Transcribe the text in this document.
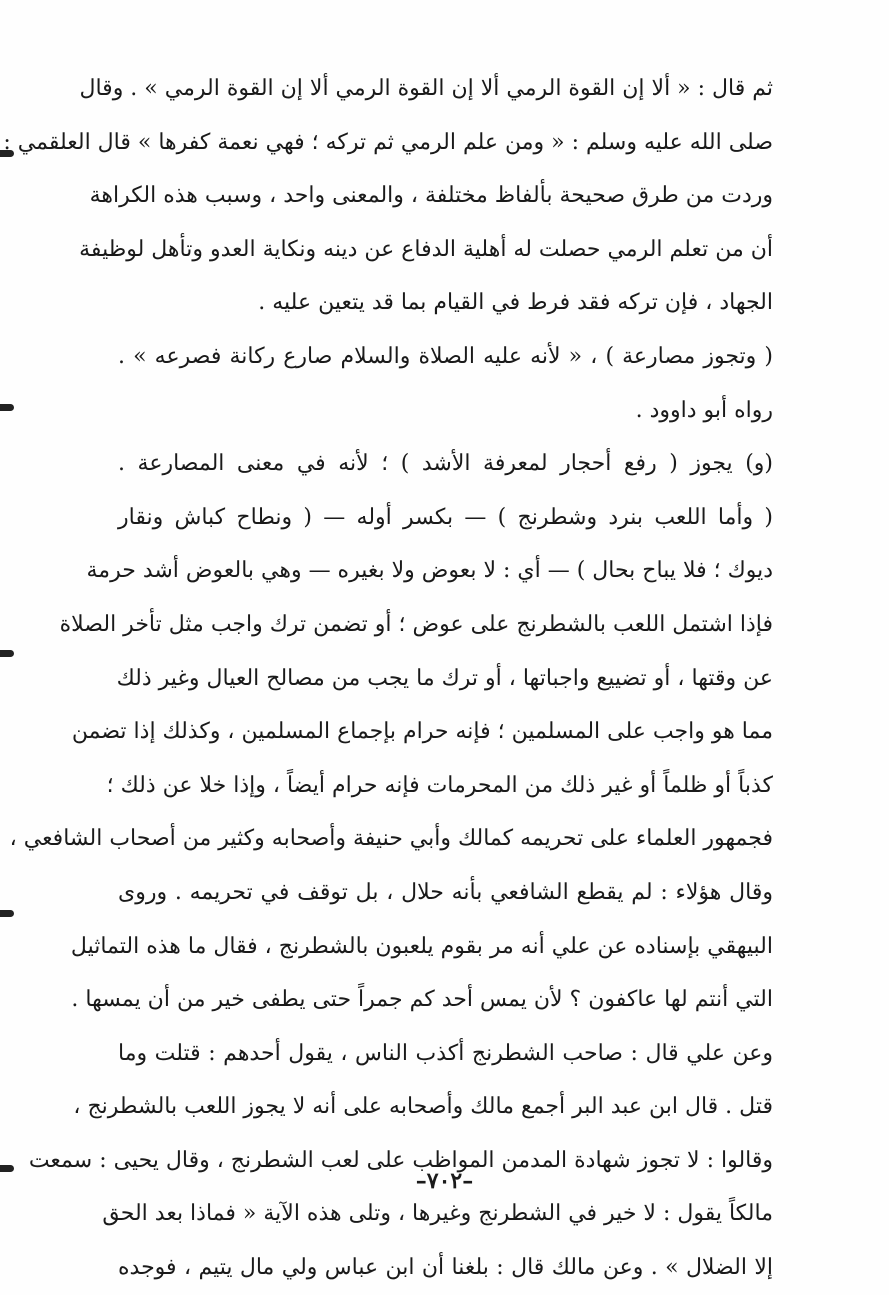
ثم قال : « ألا إن القوة الرمي ألا إن القوة الرمي ألا إن القوة الرمي » . وقال
صلى الله عليه وسلم : « ومن علم الرمي ثم تركه ؛ فهي نعمة كفرها » قال العلقمي :
وردت من طرق صحيحة بألفاظ مختلفة ، والمعنى واحد ، وسبب هذه الكراهة
أن من تعلم الرمي حصلت له أهلية الدفاع عن دينه ونكاية العدو وتأهل لوظيفة
الجهاد ، فإن تركه فقد فرط في القيام بما قد يتعين عليه .
( وتجوز مصارعة ) ، « لأنه عليه الصلاة والسلام صارع ركانة فصرعه » .
رواه أبو داوود .
(و) يجوز ( رفع أحجار لمعرفة الأشد ) ؛ لأنه في معنى المصارعة .
( وأما اللعب بنرد وشطرنج ) — بكسر أوله — ( ونطاح كباش ونقار
ديوك ؛ فلا يباح بحال ) — أي : لا بعوض ولا بغيره — وهي بالعوض أشد حرمة
فإذا اشتمل اللعب بالشطرنج على عوض ؛ أو تضمن ترك واجب مثل تأخر الصلاة
عن وقتها ، أو تضييع واجباتها ، أو ترك ما يجب من مصالح العيال وغير ذلك
مما هو واجب على المسلمين ؛ فإنه حرام بإجماع المسلمين ، وكذلك إذا تضمن
كذباً أو ظلماً أو غير ذلك من المحرمات فإنه حرام أيضاً ، وإذا خلا عن ذلك ؛
فجمهور العلماء على تحريمه كمالك وأبي حنيفة وأصحابه وكثير من أصحاب الشافعي ،
وقال هؤلاء : لم يقطع الشافعي بأنه حلال ، بل توقف في تحريمه . وروى
البيهقي بإسناده عن علي أنه مر بقوم يلعبون بالشطرنج ، فقال ما هذه التماثيل
التي أنتم لها عاكفون ؟ لأن يمس أحد كم جمراً حتى يطفى خير من أن يمسها .
وعن علي قال : صاحب الشطرنج أكذب الناس ، يقول أحدهم : قتلت وما
قتل . قال ابن عبد البر أجمع مالك وأصحابه على أنه لا يجوز اللعب بالشطرنج ،
وقالوا : لا تجوز شهادة المدمن المواظب على لعب الشطرنج ، وقال يحيى : سمعت
مالكاً يقول : لا خير في الشطرنج وغيرها ، وتلى هذه الآية « فماذا بعد الحق
إلا الضلال » . وعن مالك قال : بلغنا أن ابن عباس ولي مال يتيم ، فوجده
–٧٠٢–
